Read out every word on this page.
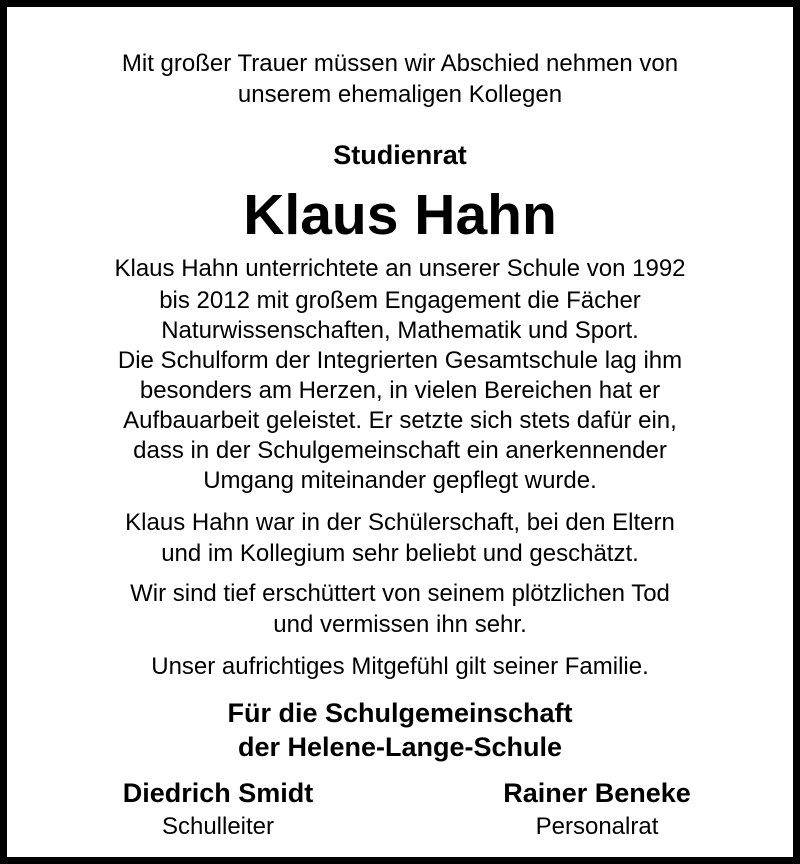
Mit großer Trauer müssen wir Abschied nehmen von
unserem ehemaligen Kollegen
Studienrat
Klaus Hahn
Klaus Hahn unterrichtete an unserer Schule von 1992
bis 2012 mit großem Engagement die Fächer
Naturwissenschaften, Mathematik und Sport.
Die Schulform der Integrierten Gesamtschule lag ihm
besonders am Herzen, in vielen Bereichen hat er
Aufbauarbeit geleistet. Er setzte sich stets dafür ein,
dass in der Schulgemeinschaft ein anerkennender
Umgang miteinander gepflegt wurde.
Klaus Hahn war in der Schülerschaft, bei den Eltern
und im Kollegium sehr beliebt und geschätzt.
Wir sind tief erschüttert von seinem plötzlichen Tod
und vermissen ihn sehr.
Unser aufrichtiges Mitgefühl gilt seiner Familie.
Für die Schulgemeinschaft
der Helene-Lange-Schule
Diedrich Smidt
Schulleiter
Rainer Beneke
Personalrat
